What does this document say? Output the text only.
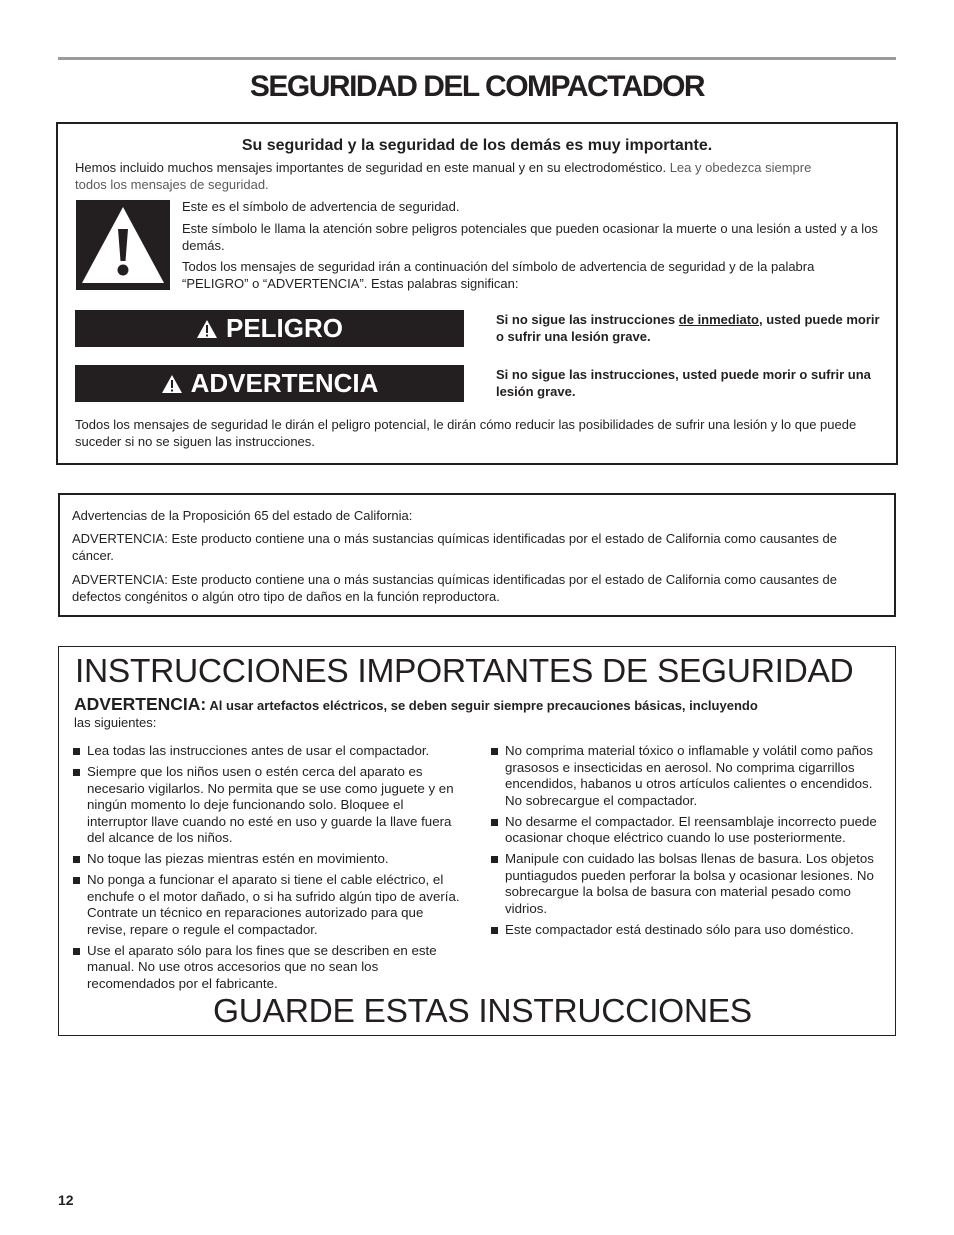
SEGURIDAD DEL COMPACTADOR
Su seguridad y la seguridad de los demás es muy importante.

Hemos incluido muchos mensajes importantes de seguridad en este manual y en su electrodoméstico. Lea y obedezca siempre
todos los mensajes de seguridad.

Este es el símbolo de advertencia de seguridad.

Este símbolo le llama la atención sobre peligros potenciales que pueden ocasionar la muerte o una lesión a usted y a los demás.

Todos los mensajes de seguridad irán a continuación del símbolo de advertencia de seguridad y de la palabra “PELIGRO” o “ADVERTENCIA”. Estas palabras significan:

PELIGRO	Si no sigue las instrucciones de inmediato, usted puede morir o sufrir una lesión grave.

ADVERTENCIA	Si no sigue las instrucciones, usted puede morir o sufrir una lesión grave.

Todos los mensajes de seguridad le dirán el peligro potencial, le dirán cómo reducir las posibilidades de sufrir una lesión y lo que puede suceder si no se siguen las instrucciones.

Advertencias de la Proposición 65 del estado de California:

ADVERTENCIA: Este producto contiene una o más sustancias químicas identificadas por el estado de California como causantes de cáncer.

ADVERTENCIA: Este producto contiene una o más sustancias químicas identificadas por el estado de California como causantes de defectos congénitos o algún otro tipo de daños en la función reproductora.

INSTRUCCIONES IMPORTANTES DE SEGURIDAD

ADVERTENCIA: Al usar artefactos eléctricos, se deben seguir siempre precauciones básicas, incluyendo
las siguientes:

Lea todas las instrucciones antes de usar el compactador.
Siempre que los niños usen o estén cerca del aparato es necesario vigilarlos. No permita que se use como juguete y en ningún momento lo deje funcionando solo. Bloquee el interruptor llave cuando no esté en uso y guarde la llave fuera del alcance de los niños.
No toque las piezas mientras estén en movimiento.
No ponga a funcionar el aparato si tiene el cable eléctrico, el enchufe o el motor dañado, o si ha sufrido algún tipo de avería. Contrate un técnico en reparaciones autorizado para que revise, repare o regule el compactador.
Use el aparato sólo para los fines que se describen en este manual. No use otros accesorios que no sean los recomendados por el fabricante.
No comprima material tóxico o inflamable y volátil como paños grasosos e insecticidas en aerosol. No comprima cigarrillos encendidos, habanos u otros artículos calientes o encendidos. No sobrecargue el compactador.
No desarme el compactador. El reensamblaje incorrecto puede ocasionar choque eléctrico cuando lo use posteriormente.
Manipule con cuidado las bolsas llenas de basura. Los objetos puntiagudos pueden perforar la bolsa y ocasionar lesiones. No sobrecargue la bolsa de basura con material pesado como vidrios.
Este compactador está destinado sólo para uso doméstico.
GUARDE ESTAS INSTRUCCIONES
12
